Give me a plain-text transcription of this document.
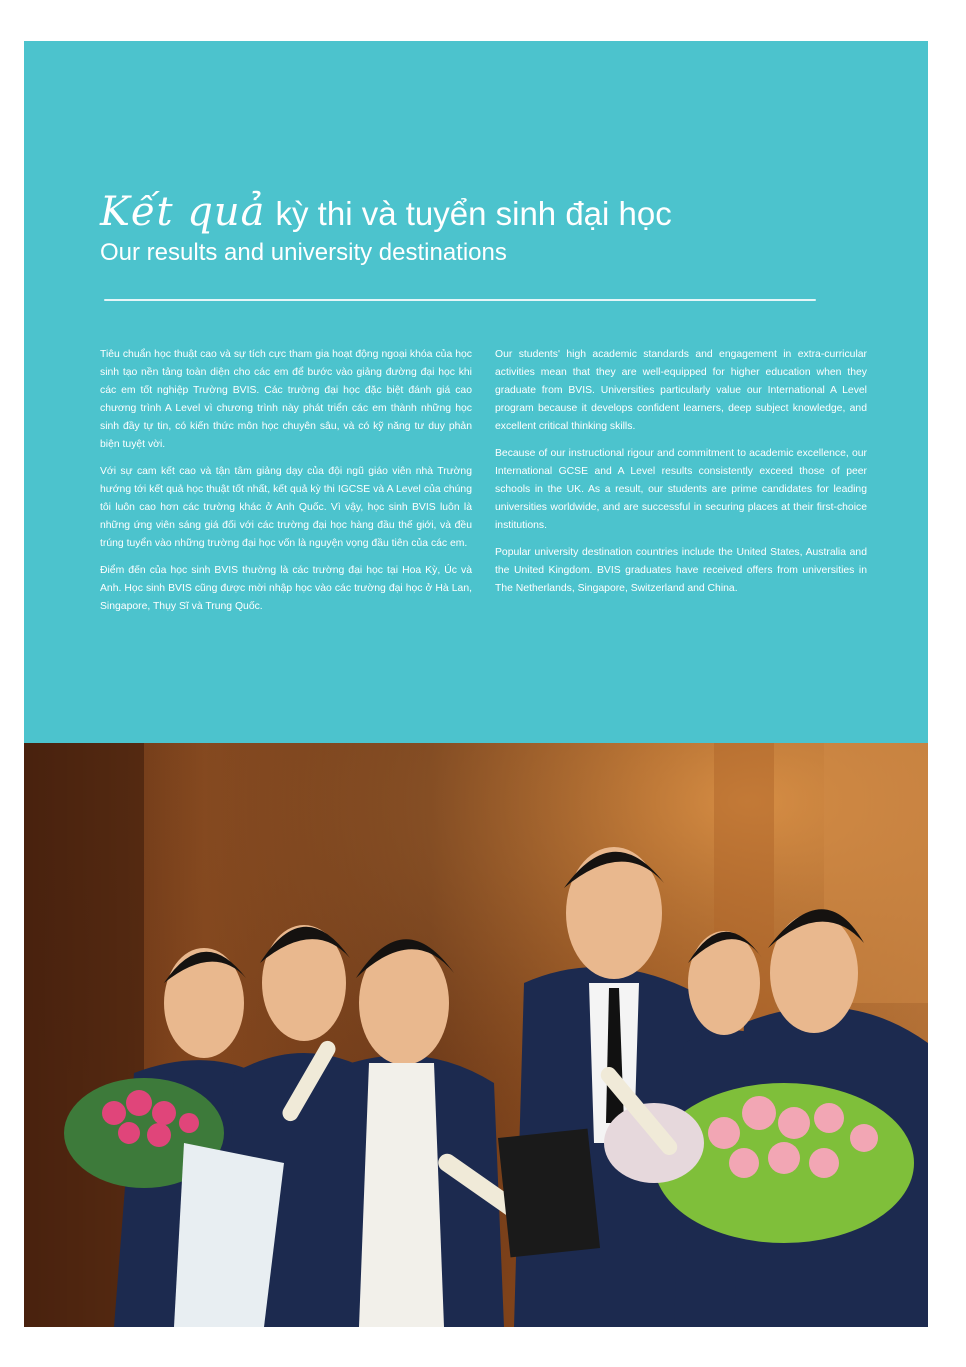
Kết quả kỳ thi và tuyển sinh đại học
Our results and university destinations

Tiêu chuẩn học thuật cao và sự tích cực tham gia hoạt động ngoại khóa của học sinh tạo nền tảng toàn diện cho các em để bước vào giảng đường đại học khi các em tốt nghiệp Trường BVIS. Các trường đại học đặc biệt đánh giá cao chương trình A Level vì chương trình này phát triển các em thành những học sinh đầy tự tin, có kiến thức môn học chuyên sâu, và có kỹ năng tư duy phản biện tuyệt vời.

Với sự cam kết cao và tận tâm giảng dạy của đội ngũ giáo viên nhà Trường hướng tới kết quả học thuật tốt nhất, kết quả kỳ thi IGCSE và A Level của chúng tôi luôn cao hơn các trường khác ở Anh Quốc. Vì vậy, học sinh BVIS luôn là những ứng viên sáng giá đối với các trường đại học hàng đầu thế giới, và đều trúng tuyển vào những trường đại học vốn là nguyện vọng đầu tiên của các em.

Điểm đến của học sinh BVIS thường là các trường đại học tại Hoa Kỳ, Úc và Anh. Học sinh BVIS cũng được mời nhập học vào các trường đại học ở Hà Lan, Singapore, Thụy Sĩ và Trung Quốc.

Our students' high academic standards and engagement in extra-curricular activities mean that they are well-equipped for higher education when they graduate from BVIS. Universities particularly value our International A Level program because it develops confident learners, deep subject knowledge, and excellent critical thinking skills.

Because of our instructional rigour and commitment to academic excellence, our International GCSE and A Level results consistently exceed those of peer schools in the UK. As a result, our students are prime candidates for leading universities worldwide, and are successful in securing places at their first-choice institutions.

Popular university destination countries include the United States, Australia and the United Kingdom. BVIS graduates have received offers from universities in The Netherlands, Singapore, Switzerland and China.
